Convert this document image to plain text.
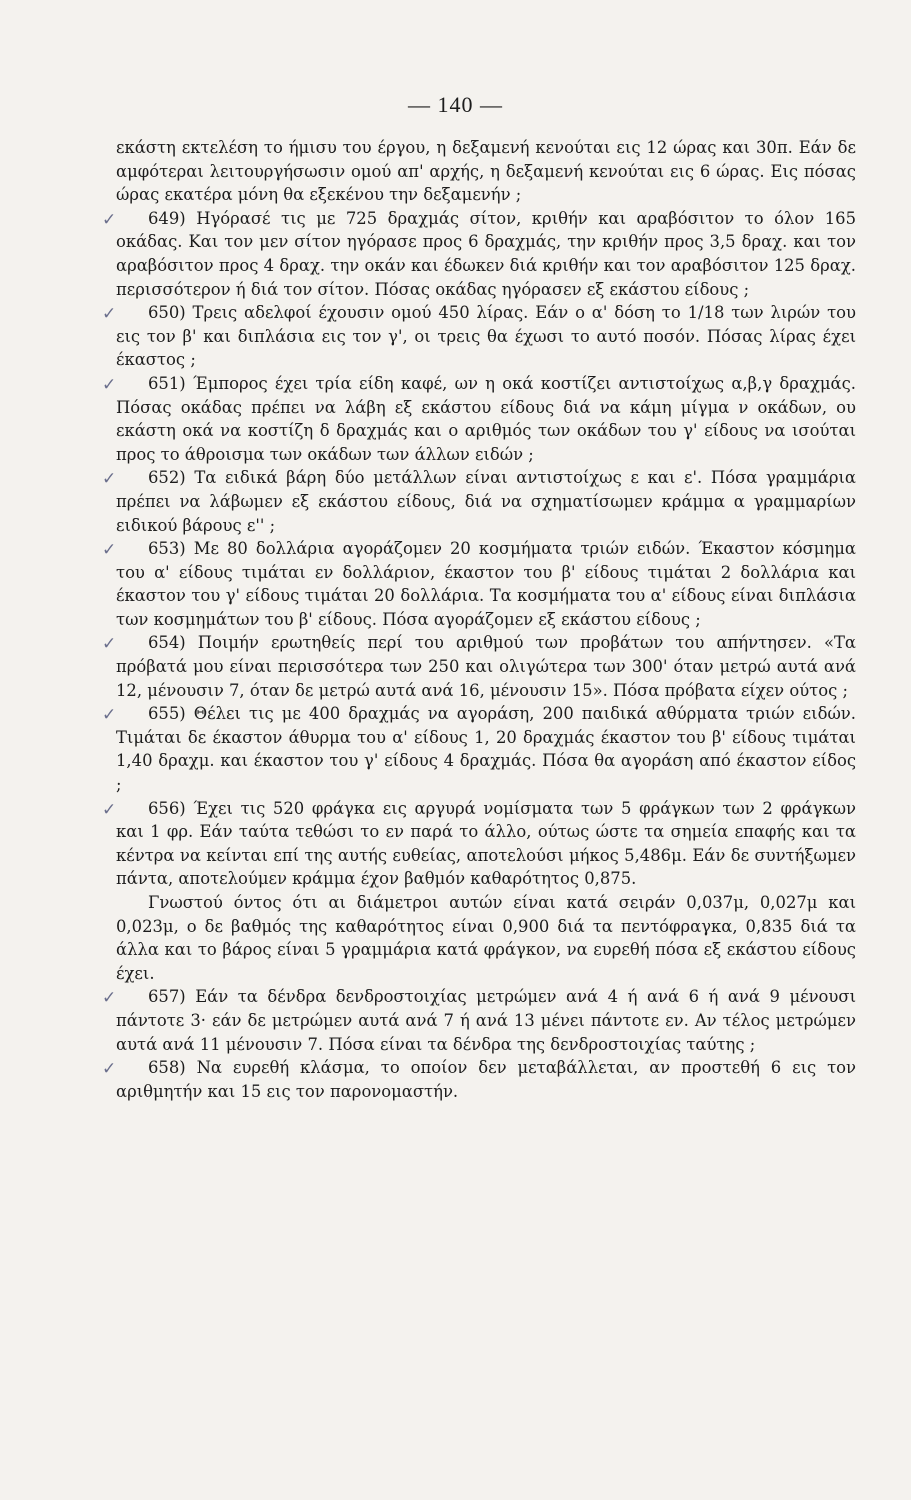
— 140 —

εκάστη εκτελέση το ήμισυ του έργου, η δεξαμενή κενούται εις 12 ώρας και 30π. Εάν δε αμφότεραι λειτουργήσωσιν ομού απ' αρχής, η δεξαμενή κενούται εις 6 ώρας. Εις πόσας ώρας εκατέρα μόνη θα εξεκένου την δεξαμενήν ;

✓ 649) Ηγόρασέ τις με 725 δραχμάς σίτον, κριθήν και αραβόσιτον το όλον 165 οκάδας. Και τον μεν σίτον ηγόρασε προς 6 δραχμάς, την κριθήν προς 3,5 δραχ. και τον αραβόσιτον προς 4 δραχ. την οκάν και έδωκεν διά κριθήν και τον αραβόσιτον 125 δραχ. περισσότερον ή διά τον σίτον. Πόσας οκάδας ηγόρασεν εξ εκάστου είδους ;

✓ 650) Τρεις αδελφοί έχουσιν ομού 450 λίρας. Εάν ο α' δόση το 1/18 των λιρών του εις τον β' και διπλάσια εις τον γ', οι τρεις θα έχωσι το αυτό ποσόν. Πόσας λίρας έχει έκαστος ;

✓ 651) Έμπορος έχει τρία είδη καφέ, ων η οκά κοστίζει αντιστοίχως α,β,γ δραχμάς. Πόσας οκάδας πρέπει να λάβη εξ εκάστου είδους διά να κάμη μίγμα ν οκάδων, ου εκάστη οκά να κοστίζη δ δραχμάς και ο αριθμός των οκάδων του γ' είδους να ισούται προς το άθροισμα των οκάδων των άλλων ειδών ;

✓ 652) Τα ειδικά βάρη δύο μετάλλων είναι αντιστοίχως ε και ε'. Πόσα γραμμάρια πρέπει να λάβωμεν εξ εκάστου είδους, διά να σχηματίσωμεν κράμμα α γραμμαρίων ειδικού βάρους ε'' ;

✓ 653) Με 80 δολλάρια αγοράζομεν 20 κοσμήματα τριών ειδών. Έκαστον κόσμημα του α' είδους τιμάται εν δολλάριον, έκαστον του β' είδους τιμάται 2 δολλάρια και έκαστον του γ' είδους τιμάται 20 δολλάρια. Τα κοσμήματα του α' είδους είναι διπλάσια των κοσμημάτων του β' είδους. Πόσα αγοράζομεν εξ εκάστου είδους ;

✓ 654) Ποιμήν ερωτηθείς περί του αριθμού των προβάτων του απήντησεν. «Τα πρόβατά μου είναι περισσότερα των 250 και ολιγώτερα των 300' όταν μετρώ αυτά ανά 12, μένουσιν 7, όταν δε μετρώ αυτά ανά 16, μένουσιν 15». Πόσα πρόβατα είχεν ούτος ;

✓ 655) Θέλει τις με 400 δραχμάς να αγοράση, 200 παιδικά αθύρματα τριών ειδών. Τιμάται δε έκαστον άθυρμα του α' είδους 1, 20 δραχμάς έκαστον του β' είδους τιμάται 1,40 δραχμ. και έκαστον του γ' είδους 4 δραχμάς. Πόσα θα αγοράση από έκαστον είδος ;

✓ 656) Έχει τις 520 φράγκα εις αργυρά νομίσματα των 5 φράγκων των 2 φράγκων και 1 φρ. Εάν ταύτα τεθώσι το εν παρά το άλλο, ούτως ώστε τα σημεία επαφής και τα κέντρα να κείνται επί της αυτής ευθείας, αποτελούσι μήκος 5,486μ. Εάν δε συντήξωμεν πάντα, αποτελούμεν κράμμα έχον βαθμόν καθαρότητος 0,875.

Γνωστού όντος ότι αι διάμετροι αυτών είναι κατά σειράν 0,037μ, 0,027μ και 0,023μ, ο δε βαθμός της καθαρότητος είναι 0,900 διά τα πεντόφραγκα, 0,835 διά τα άλλα και το βάρος είναι 5 γραμμάρια κατά φράγκον, να ευρεθή πόσα εξ εκάστου είδους έχει.

✓ 657) Εάν τα δένδρα δενδροστοιχίας μετρώμεν ανά 4 ή ανά 6 ή ανά 9 μένουσι πάντοτε 3· εάν δε μετρώμεν αυτά ανά 7 ή ανά 13 μένει πάντοτε εν. Αν τέλος μετρώμεν αυτά ανά 11 μένουσιν 7. Πόσα είναι τα δένδρα της δενδροστοιχίας ταύτης ;

✓ 658) Να ευρεθή κλάσμα, το οποίον δεν μεταβάλλεται, αν προστεθή 6 εις τον αριθμητήν και 15 εις τον παρονομαστήν.
